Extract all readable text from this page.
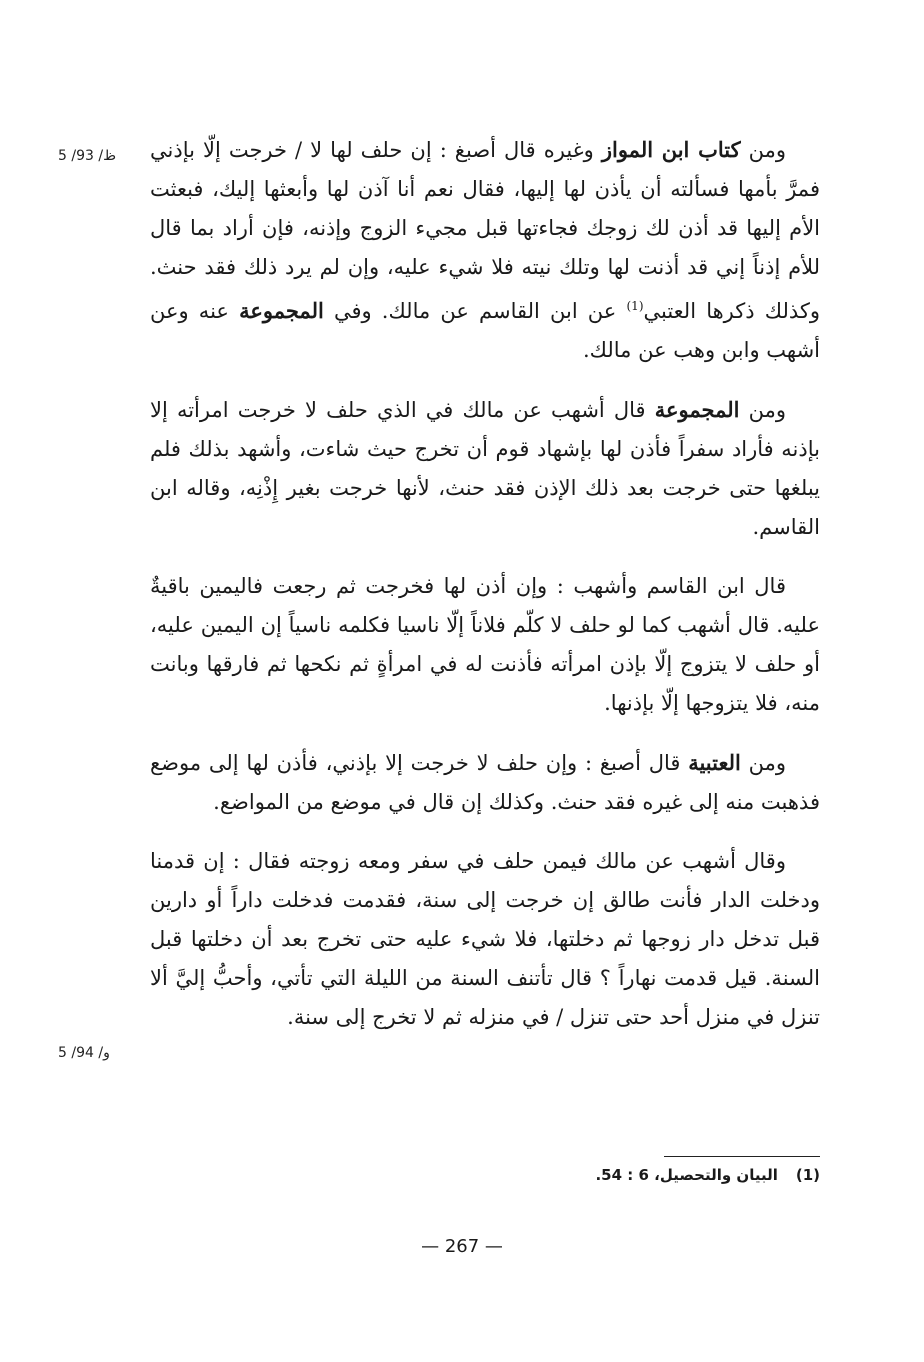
5 /93 /ظ
5 /94 /و

ومن كتاب ابن المواز وغيره قال أصبغ : إن حلف لها لا / خرجت إلّا بإذني فمرَّ بأمها فسألته أن يأذن لها إليها، فقال نعم أنا آذن لها وأبعثها إليك، فبعثت الأم إليها قد أذن لك زوجك فجاءتها قبل مجيء الزوج وإذنه، فإن أراد بما قال للأم إذناً إني قد أذنت لها وتلك نيته فلا شيء عليه، وإن لم يرد ذلك فقد حنث. وكذلك ذكرها العتبي$^{(1)}$ عن ابن القاسم عن مالك. وفي المجموعة عنه وعن أشهب وابن وهب عن مالك.

ومن المجموعة قال أشهب عن مالك في الذي حلف لا خرجت امرأته إلا بإذنه فأراد سفراً فأذن لها بإشهاد قوم أن تخرج حيث شاءت، وأشهد بذلك فلم يبلغها حتى خرجت بعد ذلك الإذن فقد حنث، لأنها خرجت بغير إِذْنِه، وقاله ابن القاسم.

قال ابن القاسم وأشهب : وإن أذن لها فخرجت ثم رجعت فاليمين باقيةٌ عليه. قال أشهب كما لو حلف لا كلّم فلاناً إلّا ناسيا فكلمه ناسياً إن اليمين عليه، أو حلف لا يتزوج إلّا بإذن امرأته فأذنت له في امرأةٍ ثم نكحها ثم فارقها وبانت منه، فلا يتزوجها إلّا بإذنها.

ومن العتبية قال أصبغ : وإن حلف لا خرجت إلا بإذني، فأذن لها إلى موضع فذهبت منه إلى غيره فقد حنث. وكذلك إن قال في موضع من المواضع.

وقال أشهب عن مالك فيمن حلف في سفر ومعه زوجته فقال : إن قدمنا ودخلت الدار فأنت طالق إن خرجت إلى سنة، فقدمت فدخلت داراً أو دارين قبل تدخل دار زوجها ثم دخلتها، فلا شيء عليه حتى تخرج بعد أن دخلتها قبل السنة. قيل قدمت نهاراً ؟ قال تأتنف السنة من الليلة التي تأتي، وأحبُّ إليَّ ألا تنزل في منزل أحد حتى تنزل / في منزله ثم لا تخرج إلى سنة.

(1)البيان والتحصيل، 6 : 54.
— 267 —
